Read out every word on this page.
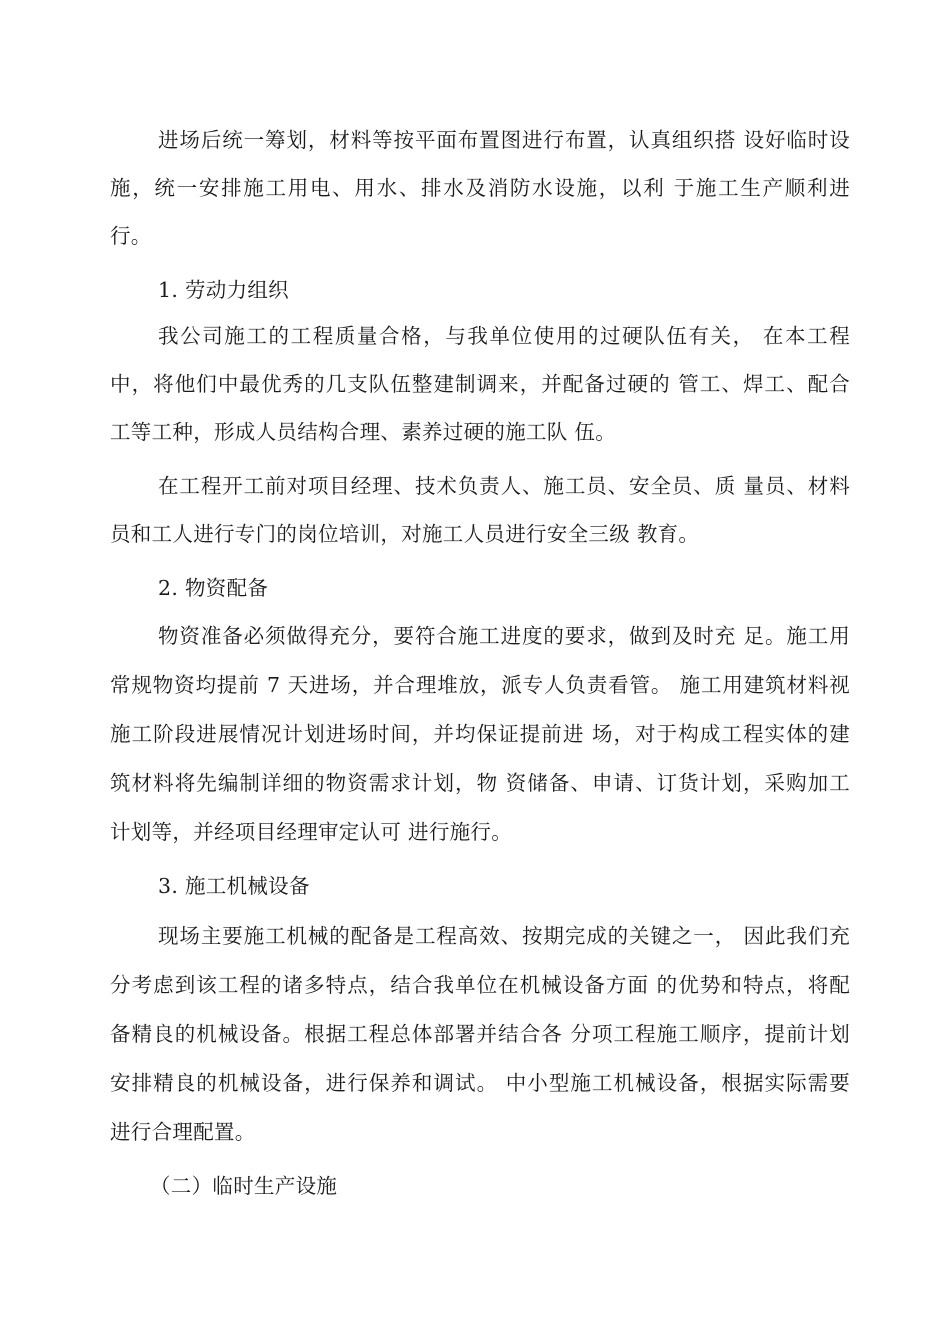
进场后统一筹划，材料等按平面布置图进行布置，认真组织搭 设好临时设
施，统一安排施工用电、用水、排水及消防水设施，以利 于施工生产顺利进
行。
1. 劳动力组织
我公司施工的工程质量合格，与我单位使用的过硬队伍有关， 在本工程
中，将他们中最优秀的几支队伍整建制调来，并配备过硬的 管工、焊工、配合
工等工种，形成人员结构合理、素养过硬的施工队 伍。
在工程开工前对项目经理、技术负责人、施工员、安全员、质 量员、材料
员和工人进行专门的岗位培训，对施工人员进行安全三级 教育。
2. 物资配备
物资准备必须做得充分，要符合施工进度的要求，做到及时充 足。施工用
常规物资均提前 7 天进场，并合理堆放，派专人负责看管。 施工用建筑材料视
施工阶段进展情况计划进场时间，并均保证提前进 场，对于构成工程实体的建
筑材料将先编制详细的物资需求计划，物 资储备、申请、订货计划，采购加工
计划等，并经项目经理审定认可 进行施行。
3. 施工机械设备
现场主要施工机械的配备是工程高效、按期完成的关键之一， 因此我们充
分考虑到该工程的诸多特点，结合我单位在机械设备方面 的优势和特点，将配
备精良的机械设备。根据工程总体部署并结合各 分项工程施工顺序，提前计划
安排精良的机械设备，进行保养和调试。 中小型施工机械设备，根据实际需要
进行合理配置。
（二）临时生产设施
